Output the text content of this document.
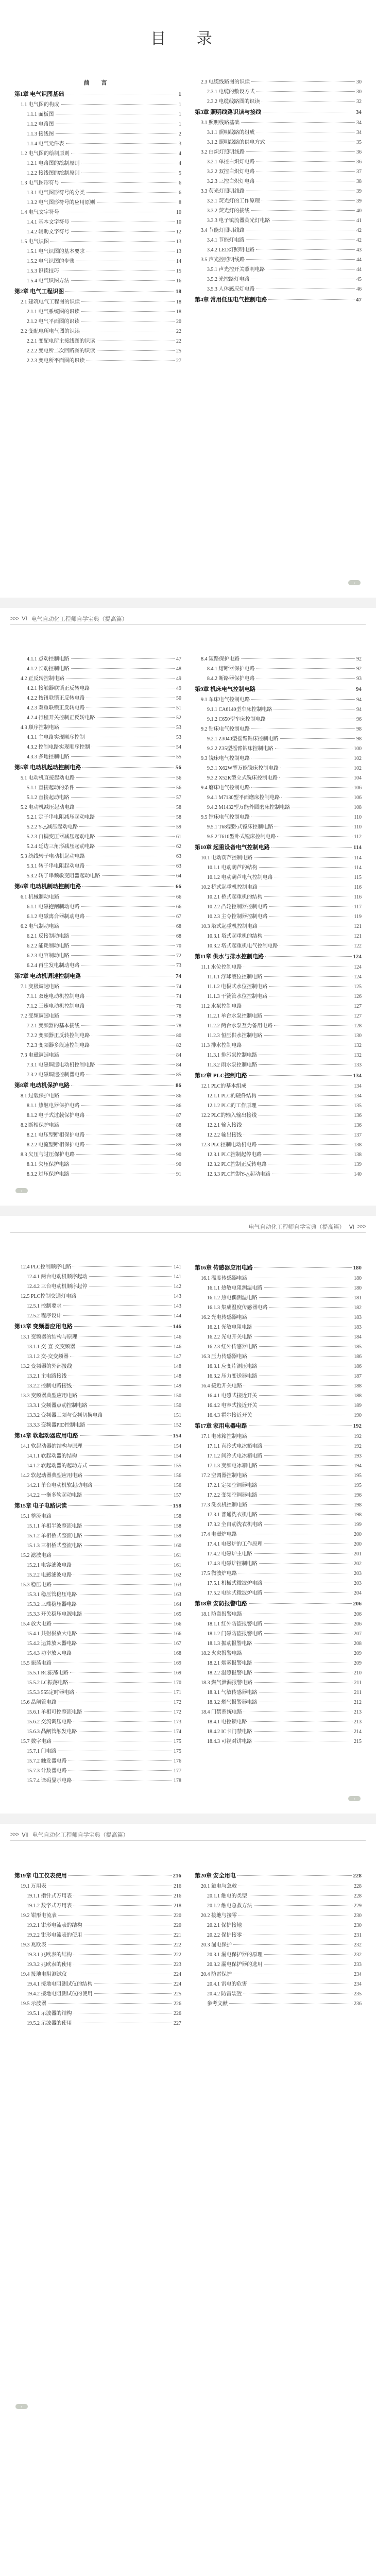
目 录
前 言
第1章 电气识图基础	1
1.1 电气图的构成	1
1.1.1 面板图	1
1.1.2 电路图	1
1.1.3 接线图	2
1.1.4 电气元件表	3
1.2 电气图的绘制原则	4
1.2.1 电路图的绘制原则	4
1.2.2 接线图的绘制原则	5
1.3 电气图形符号	6
1.3.1 电气图形符号的分类	6
1.3.2 电气图形符号的应用原则	8
1.4 电气文字符号	10
1.4.1 基本文字符号	10
1.4.2 辅助文字符号	12
1.5 电气识图	13
1.5.1 电气识图的基本要求	13
1.5.2 电气识图的步骤	14
1.5.3 识读技巧	15
1.5.4 电气识图方法	16
第2章 电气工程识图	18
2.1 建筑电气工程图的识读	18
2.1.1 电气系统图的识读	18
2.1.2 电气平面图的识读	20
2.2 变配电所电气图的识读	22
2.2.1 变配电所主接线图的识读	22
2.2.2 变电所二次回路图的识读	25
2.2.3 变电所平面图的识读	27
2.3 电缆线路图的识读	30
2.3.1 电缆的敷设方式	30
2.3.2 电缆线路图的识读	32
第3章 照明线路识读与接线	34
3.1 照明线路基础	34
3.1.1 照明线路的组成	34
3.1.2 照明线路的供电方式	35
3.2 白炽灯照明线路	36
3.2.1 单控白炽灯电路	36
3.2.2 双控白炽灯电路	37
3.2.3 三控白炽灯电路	38
3.3 荧光灯照明线路	39
3.3.1 荧光灯的工作原理	39
3.3.2 荧光灯的接线	40
3.3.3 电子镇流器荧光灯电路	41
3.4 节能灯照明线路	42
3.4.1 节能灯电路	42
3.4.2 LED灯照明电路	43
3.5 声光控照明线路	44
3.5.1 声光控开关照明电路	44
3.5.2 光控路灯电路	45
3.5.3 人体感应灯电路	46
第4章 常用低压电气控制电路	47
›
>>> VI 电气自动化工程师自学宝典（提高篇）
4.1.1 点动控制电路	47
4.1.2 长动控制电路	48
4.2 正反转控制电路	49
4.2.1 接触器联锁正反转电路	49
4.2.2 按钮联锁正反转电路	50
4.2.3 双重联锁正反转电路	51
4.2.4 行程开关控制正反转电路	52
4.3 顺序控制电路	53
4.3.1 主电路实现顺序控制	53
4.3.2 控制电路实现顺序控制	54
4.3.3 多地控制电路	55
第5章 电动机起动控制电路	56
5.1 电动机直接起动电路	56
5.1.1 直接起动的条件	56
5.1.2 直接起动电路	57
5.2 电动机减压起动电路	58
5.2.1 定子串电阻减压起动电路	58
5.2.2 Y-△减压起动电路	59
5.2.3 自耦变压器减压起动电路	61
5.2.4 延边三角形减压起动电路	62
5.3 绕线转子电动机起动电路	63
5.3.1 转子串电阻起动电路	63
5.3.2 转子串频敏变阻器起动电路	64
第6章 电动机制动控制电路	66
6.1 机械制动电路	66
6.1.1 电磁抱闸制动电路	66
6.1.2 电磁离合器制动电路	67
6.2 电气制动电路	68
6.2.1 反接制动电路	68
6.2.2 能耗制动电路	70
6.2.3 电容制动电路	72
6.2.4 再生发电制动电路	73
第7章 电动机调速控制电路	74
7.1 变极调速电路	74
7.1.1 双速电动机控制电路	74
7.1.2 三速电动机控制电路	76
7.2 变频调速电路	78
7.2.1 变频器的基本接线	78
7.2.2 变频器正反转控制电路	80
7.2.3 变频器多段速控制电路	82
7.3 电磁调速电路	84
7.3.1 电磁调速电动机控制电路	84
7.3.2 电磁调速控制器电路	85
第8章 电动机保护电路	86
8.1 过载保护电路	86
8.1.1 热继电器保护电路	86
8.1.2 电子式过载保护电路	87
8.2 断相保护电路	88
8.2.1 电压型断相保护电路	88
8.2.2 电流型断相保护电路	89
8.3 欠压与过压保护电路	90
8.3.1 欠压保护电路	90
8.3.2 过压保护电路	91
8.4 短路保护电路	92
8.4.1 熔断器保护电路	92
8.4.2 断路器保护电路	93
第9章 机床电气控制电路	94
9.1 车床电气控制电路	94
9.1.1 CA6140型车床控制电路	94
9.1.2 C650型车床控制电路	96
9.2 钻床电气控制电路	98
9.2.1 Z3040型摇臂钻床控制电路	98
9.2.2 Z35型摇臂钻床控制电路	100
9.3 铣床电气控制电路	102
9.3.1 X62W型万能铣床控制电路	102
9.3.2 X52K型立式铣床控制电路	104
9.4 磨床电气控制电路	106
9.4.1 M7130型平面磨床控制电路	106
9.4.2 M1432型万能外圆磨床控制电路	108
9.5 镗床电气控制电路	110
9.5.1 T68型卧式镗床控制电路	110
9.5.2 T610型卧式镗床控制电路	112
第10章 起重设备电气控制电路	114
10.1 电动葫芦控制电路	114
10.1.1 电动葫芦的结构	114
10.1.2 电动葫芦电气控制电路	115
10.2 桥式起重机控制电路	116
10.2.1 桥式起重机的结构	116
10.2.2 凸轮控制器控制电路	117
10.2.3 主令控制器控制电路	119
10.3 塔式起重机控制电路	121
10.3.1 塔式起重机的结构	121
10.3.2 塔式起重机电气控制电路	122
第11章 供水与排水控制电路	124
11.1 水位控制电路	124
11.1.1 浮球液位控制电路	124
11.1.2 电极式水位控制电路	125
11.1.3 干簧管水位控制电路	126
11.2 水泵控制电路	127
11.2.1 单台水泵控制电路	127
11.2.2 两台水泵互为备用电路	128
11.2.3 恒压供水控制电路	130
11.3 排水控制电路	132
11.3.1 排污泵控制电路	132
11.3.2 雨水泵控制电路	133
第12章 PLC控制电路	134
12.1 PLC的基本组成	134
12.1.1 PLC的硬件结构	134
12.1.2 PLC的工作原理	135
12.2 PLC的输入输出接线	136
12.2.1 输入接线	136
12.2.2 输出接线	137
12.3 PLC控制电动机电路	138
12.3.1 PLC控制起停电路	138
12.3.2 PLC控制正反转电路	139
12.3.3 PLC控制Y-△起动电路	140
‹
电气自动化工程师自学宝典（提高篇） Ⅵ >>>
12.4 PLC控制顺序电路	141
12.4.1 两台电动机顺序起动	141
12.4.2 三台电动机顺序起停	142
12.5 PLC控制交通灯电路	143
12.5.1 控制要求	143
12.5.2 程序设计	144
第13章 变频器应用电路	146
13.1 变频器的结构与原理	146
13.1.1 交-直-交变频器	146
13.1.2 交-交变频器	147
13.2 变频器的外部接线	148
13.2.1 主电路接线	148
13.2.2 控制电路接线	149
13.3 变频器典型应用电路	150
13.3.1 变频器点动控制电路	150
13.3.2 变频器工频与变频切换电路	151
13.3.3 变频器PID控制电路	152
第14章 软起动器应用电路	154
14.1 软起动器的结构与原理	154
14.1.1 软起动器的结构	154
14.1.2 软起动器的起动方式	155
14.2 软起动器典型应用电路	156
14.2.1 单台电动机软起动电路	156
14.2.2 一拖多软起动电路	157
第15章 电子电路识读	158
15.1 整流电路	158
15.1.1 单相半波整流电路	158
15.1.2 单相桥式整流电路	159
15.1.3 三相桥式整流电路	160
15.2 滤波电路	161
15.2.1 电容滤波电路	161
15.2.2 电感滤波电路	162
15.3 稳压电路	163
15.3.1 稳压管稳压电路	163
15.3.2 三端稳压器电路	164
15.3.3 开关稳压电源电路	165
15.4 放大电路	166
15.4.1 共射极放大电路	166
15.4.2 运算放大器电路	167
15.4.3 功率放大电路	168
15.5 振荡电路	169
15.5.1 RC振荡电路	169
15.5.2 LC振荡电路	170
15.5.3 555定时器电路	171
15.6 晶闸管电路	172
15.6.1 单相可控整流电路	172
15.6.2 交流调压电路	173
15.6.3 晶闸管触发电路	174
15.7 数字电路	175
15.7.1 门电路	175
15.7.2 触发器电路	176
15.7.3 计数器电路	177
15.7.4 译码显示电路	178
第16章 传感器应用电路	180
16.1 温度传感器电路	180
16.1.1 热敏电阻测温电路	180
16.1.2 热电偶测温电路	181
16.1.3 集成温度传感器电路	182
16.2 光电传感器电路	183
16.2.1 光敏电阻电路	183
16.2.2 光电开关电路	184
16.2.3 红外传感器电路	185
16.3 压力传感器电路	186
16.3.1 应变片测压电路	186
16.3.2 压力变送器电路	187
16.4 接近开关电路	188
16.4.1 电感式接近开关	188
16.4.2 电容式接近开关	189
16.4.3 霍尔接近开关	190
第17章 家用电器电路	192
17.1 电冰箱控制电路	192
17.1.1 直冷式电冰箱电路	192
17.1.2 间冷式电冰箱电路	193
17.1.3 变频电冰箱电路	194
17.2 空调器控制电路	195
17.2.1 定频空调器电路	195
17.2.2 变频空调器电路	196
17.3 洗衣机控制电路	198
17.3.1 普通洗衣机电路	198
17.3.2 全自动洗衣机电路	199
17.4 电磁炉电路	200
17.4.1 电磁炉的工作原理	200
17.4.2 电磁炉主电路	201
17.4.3 电磁炉控制电路	202
17.5 微波炉电路	203
17.5.1 机械式微波炉电路	203
17.5.2 电脑式微波炉电路	204
第18章 安防报警电路	206
18.1 防盗报警电路	206
18.1.1 红外防盗报警电路	206
18.1.2 门磁防盗报警电路	207
18.1.3 振动报警电路	208
18.2 火灾报警电路	209
18.2.1 烟雾报警电路	209
18.2.2 温感报警电路	210
18.3 燃气泄漏报警电路	211
18.3.1 气敏传感器电路	211
18.3.2 燃气报警器电路	212
18.4 门禁系统电路	213
18.4.1 电控锁电路	213
18.4.2 IC卡门禁电路	214
18.4.3 可视对讲电路	215
›
>>> Ⅶ 电气自动化工程师自学宝典（提高篇）
第19章 电工仪表使用	216
19.1 万用表	216
19.1.1 指针式万用表	216
19.1.2 数字式万用表	218
19.2 钳形电流表	220
19.2.1 钳形电流表的结构	220
19.2.2 钳形电流表的使用	221
19.3 兆欧表	222
19.3.1 兆欧表的结构	222
19.3.2 兆欧表的使用	223
19.4 接地电阻测试仪	224
19.4.1 接地电阻测试仪的结构	224
19.4.2 接地电阻测试仪的使用	225
19.5 示波器	226
19.5.1 示波器的结构	226
19.5.2 示波器的使用	227
第20章 安全用电	228
20.1 触电与急救	228
20.1.1 触电的类型	228
20.1.2 触电急救方法	229
20.2 接地与接零	230
20.2.1 保护接地	230
20.2.2 保护接零	231
20.3 漏电保护	232
20.3.1 漏电保护器的原理	232
20.3.2 漏电保护器的选用	233
20.4 防雷保护	234
20.4.1 雷电的危害	234
20.4.2 防雷装置	235
参考文献	236
‹
